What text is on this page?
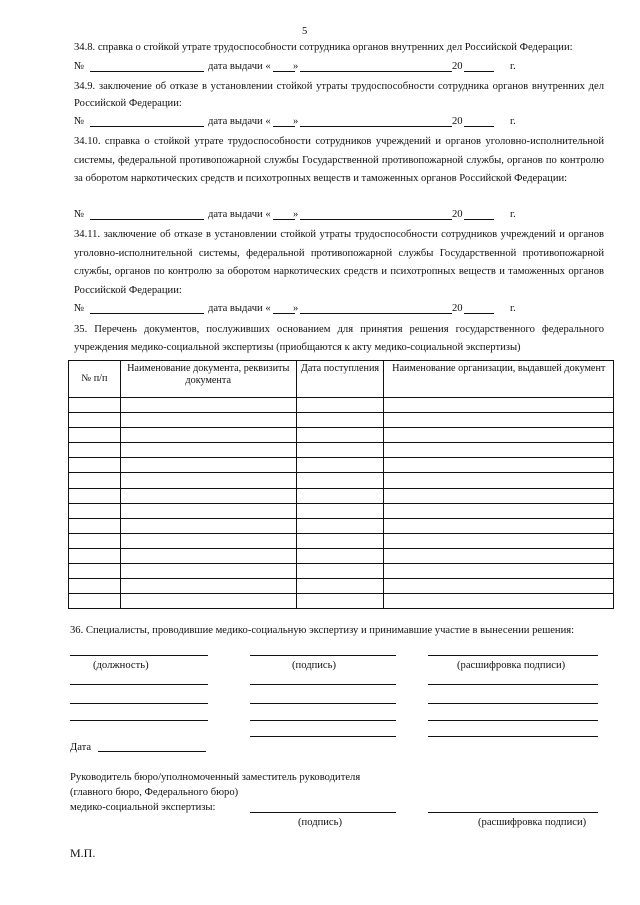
5
34.8. справка о стойкой утрате трудоспособности сотрудника органов внутренних дел Российской Федерации:
№	дата выдачи « »	20	г.
34.9. заключение об отказе в установлении стойкой утраты трудоспособности сотрудника органов внутренних дел Российской Федерации:
№	дата выдачи « »	20	г.
34.10. справка о стойкой утрате трудоспособности сотрудников учреждений и органов уголовно-исполнительной системы, федеральной противопожарной службы Государственной противопожарной службы, органов по контролю за оборотом наркотических средств и психотропных веществ и таможенных органов Российской Федерации:
№	дата выдачи « »	20	г.
34.11. заключение об отказе в установлении стойкой утраты трудоспособности сотрудников учреждений и органов уголовно-исполнительной системы, федеральной противопожарной службы Государственной противопожарной службы, органов по контролю за оборотом наркотических средств и психотропных веществ и таможенных органов Российской Федерации:
№	дата выдачи « »	20	г.
35. Перечень документов, послуживших основанием для принятия решения государственного федерального учреждения медико-социальной экспертизы (приобщаются к акту медико-социальной экспертизы)
№ п/п	Наименование документа, реквизиты документа	Дата поступления	Наименование организации, выдавшей документ

36. Специалисты, проводившие медико-социальную экспертизу и принимавшие участие в вынесении решения:
(должность)	(подпись)	(расшифровка подписи)
Дата
Руководитель бюро/уполномоченный заместитель руководителя
(главного бюро, Федерального бюро)
медико-социальной экспертизы:
(подпись)	(расшифровка подписи)
М.П.
